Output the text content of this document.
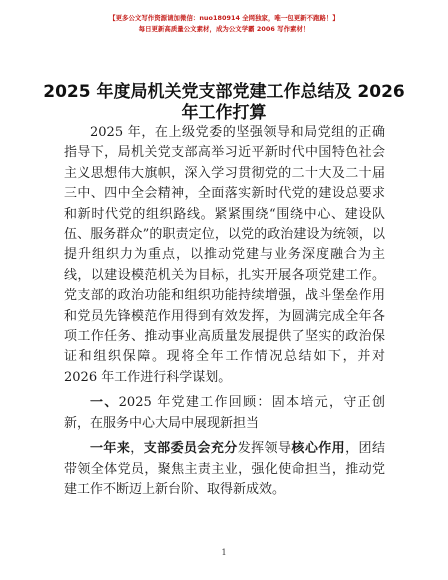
【更多公文写作资源请加微信：nuo180914 全网独家，唯一包更新不跑路！】
每日更新高质量公文素材，成为公文学霸 2006 写作素材！
2025 年度局机关党支部党建工作总结及 2026 年工作打算

2025 年，在上级党委的坚强领导和局党组的正确指导下，局机关党支部高举习近平新时代中国特色社会主义思想伟大旗帜，深入学习贯彻党的二十大及二十届三中、四中全会精神，全面落实新时代党的建设总要求和新时代党的组织路线。紧紧围绕“围绕中心、建设队伍、服务群众”的职责定位，以党的政治建设为统领，以提升组织力为重点，以推动党建与业务深度融合为主线，以建设模范机关为目标，扎实开展各项党建工作。党支部的政治功能和组织功能持续增强，战斗堡垒作用和党员先锋模范作用得到有效发挥，为圆满完成全年各项工作任务、推动事业高质量发展提供了坚实的政治保证和组织保障。现将全年工作情况总结如下，并对 2026 年工作进行科学谋划。

一、2025 年党建工作回顾：固本培元，守正创新，在服务中心大局中展现新担当

一年来，支部委员会充分发挥领导核心作用，团结带领全体党员，聚焦主责主业，强化使命担当，推动党建工作不断迈上新台阶、取得新成效。

1
